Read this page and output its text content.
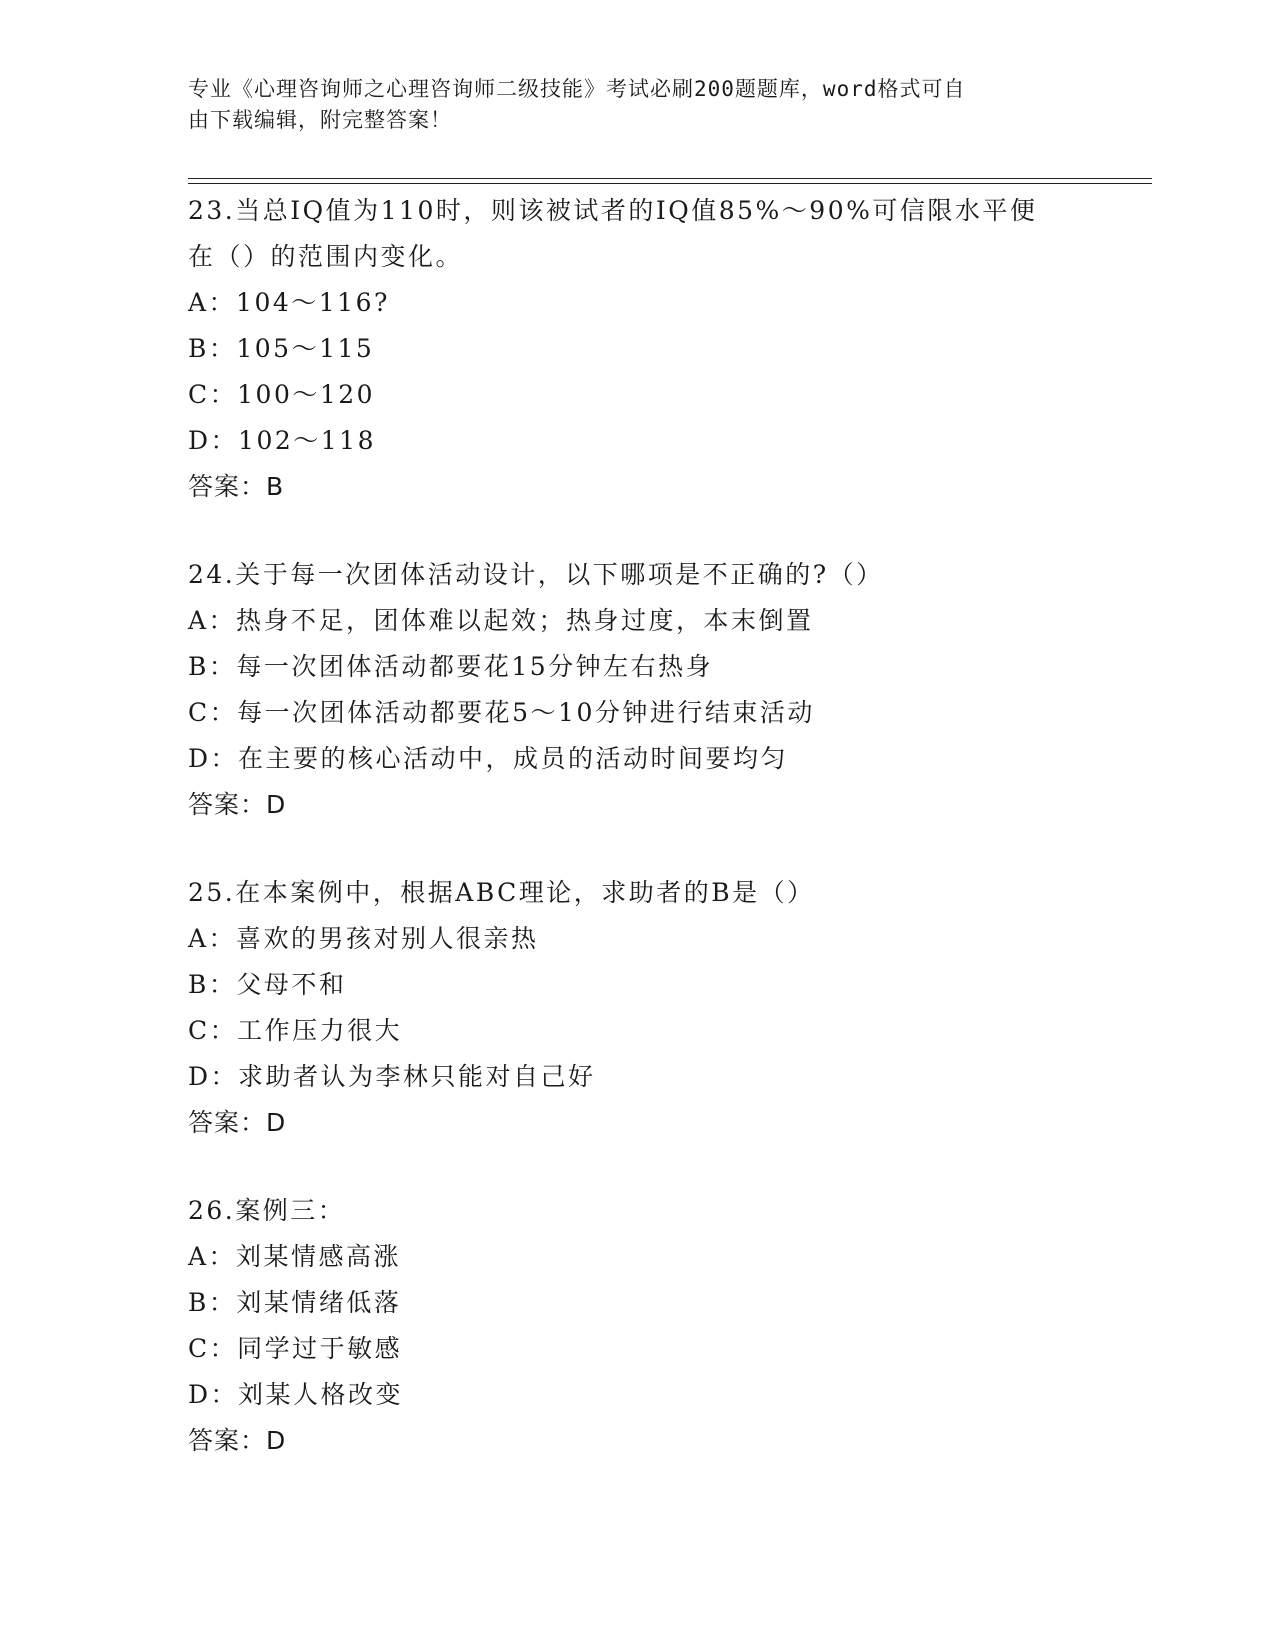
专业《心理咨询师之心理咨询师二级技能》考试必刷200题题库，word格式可自
由下载编辑，附完整答案！
23.当总IQ值为110时，则该被试者的IQ值85%～90%可信限水平便
在（）的范围内变化。
A：104～116?
B：105～115
C：100～120
D：102～118
答案：B
24.关于每一次团体活动设计，以下哪项是不正确的?（）
A：热身不足，团体难以起效；热身过度，本末倒置
B：每一次团体活动都要花15分钟左右热身
C：每一次团体活动都要花5～10分钟进行结束活动
D：在主要的核心活动中，成员的活动时间要均匀
答案：D
25.在本案例中，根据ABC理论，求助者的B是（）
A：喜欢的男孩对别人很亲热
B：父母不和
C：工作压力很大
D：求助者认为李林只能对自己好
答案：D
26.案例三：
A：刘某情感高涨
B：刘某情绪低落
C：同学过于敏感
D：刘某人格改变
答案：D
